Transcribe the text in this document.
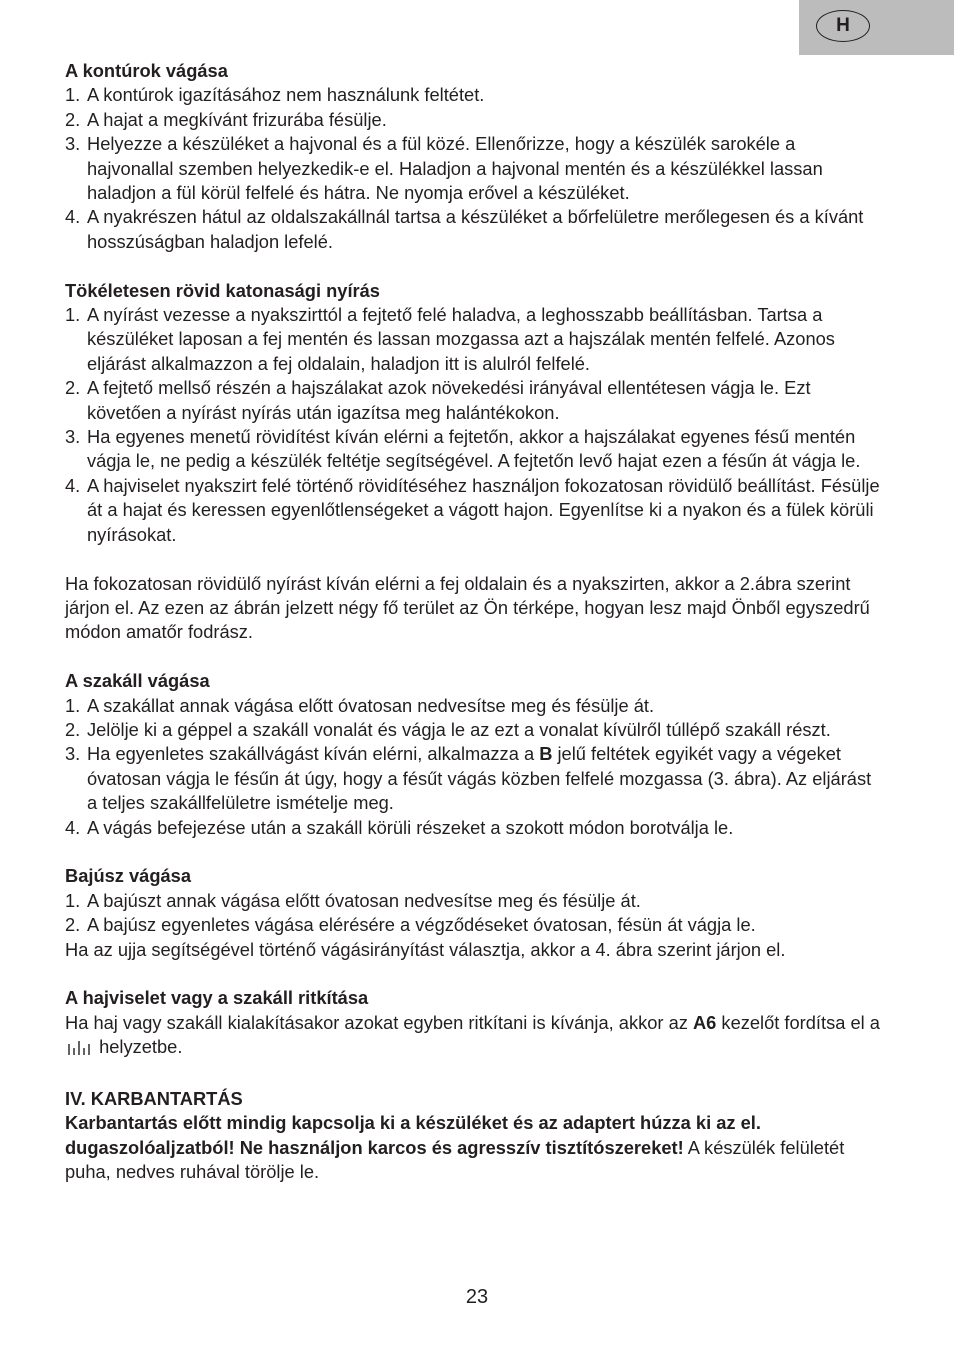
H
A kontúrok vágása
1. A kontúrok igazításához nem használunk feltétet.
2. A hajat a megkívánt frizurába fésülje.
3. Helyezze a készüléket a hajvonal és a fül közé. Ellenőrizze, hogy a készülék sarokéle a hajvonallal szemben helyezkedik-e el. Haladjon a hajvonal mentén és a készülékkel lassan haladjon a fül körül felfelé és hátra. Ne nyomja erővel a készüléket.
4. A nyakrészen hátul az oldalszakállnál tartsa a készüléket a bőrfelületre merőlegesen és a kívánt hosszúságban haladjon lefelé.
Tökéletesen rövid katonasági nyírás
1. A nyírást vezesse a nyakszirttól a fejtető felé haladva, a leghosszabb beállításban. Tartsa a készüléket laposan a fej mentén és lassan mozgassa azt a hajszálak mentén felfelé. Azonos eljárást alkalmazzon a fej oldalain, haladjon itt is alulról felfelé.
2. A fejtető mellső részén a hajszálakat azok növekedési irányával ellentétesen vágja le. Ezt követően a nyírást nyírás után igazítsa meg halántékokon.
3. Ha egyenes menetű rövidítést kíván elérni a fejtetőn, akkor a hajszálakat egyenes fésű mentén vágja le, ne pedig a készülék feltétje segítségével. A fejtetőn levő hajat ezen a fésűn át vágja le.
4. A hajviselet nyakszirt felé történő rövidítéséhez használjon fokozatosan rövidülő beállítást. Fésülje át a hajat és keressen egyenlőtlenségeket a vágott hajon. Egyenlítse ki a nyakon és a fülek körüli nyírásokat.

Ha fokozatosan rövidülő nyírást kíván elérni a fej oldalain és a nyakszirten, akkor a 2.ábra szerint járjon el. Az ezen az ábrán jelzett négy fő terület az Ön térképe, hogyan lesz majd Önből egyszedrű módon amatőr fodrász.

A szakáll vágása
1. A szakállat annak vágása előtt óvatosan nedvesítse meg és fésülje át.
2. Jelölje ki a géppel a szakáll vonalát és vágja le az ezt a vonalat kívülről túllépő szakáll részt.
3. Ha egyenletes szakállvágást kíván elérni, alkalmazza a B jelű feltétek egyikét vagy a végeket óvatosan vágja le fésűn át úgy, hogy a fésűt vágás közben felfelé mozgassa (3. ábra). Az eljárást a teljes szakállfelületre ismételje meg.
4. A vágás befejezése után a szakáll körüli részeket a szokott módon borotválja le.
Bajúsz vágása
1. A bajúszt annak vágása előtt óvatosan nedvesítse meg és fésülje át.
2. A bajúsz egyenletes vágása elérésére a végződéseket óvatosan, fésün át vágja le.

Ha az ujja segítségével történő vágásirányítást választja, akkor a 4. ábra szerint járjon el.

A hajviselet vagy a szakáll ritkítása

Ha haj vagy szakáll kialakításakor azokat egyben ritkítani is kívánja, akkor az A6 kezelőt fordítsa el a  helyzetbe.

IV. KARBANTARTÁS

Karbantartás előtt mindig kapcsolja ki a készüléket és az adaptert húzza ki az el. dugaszolóaljzatból! Ne használjon karcos és agresszív tisztítószereket! A készülék felületét puha, nedves ruhával törölje le.

23
